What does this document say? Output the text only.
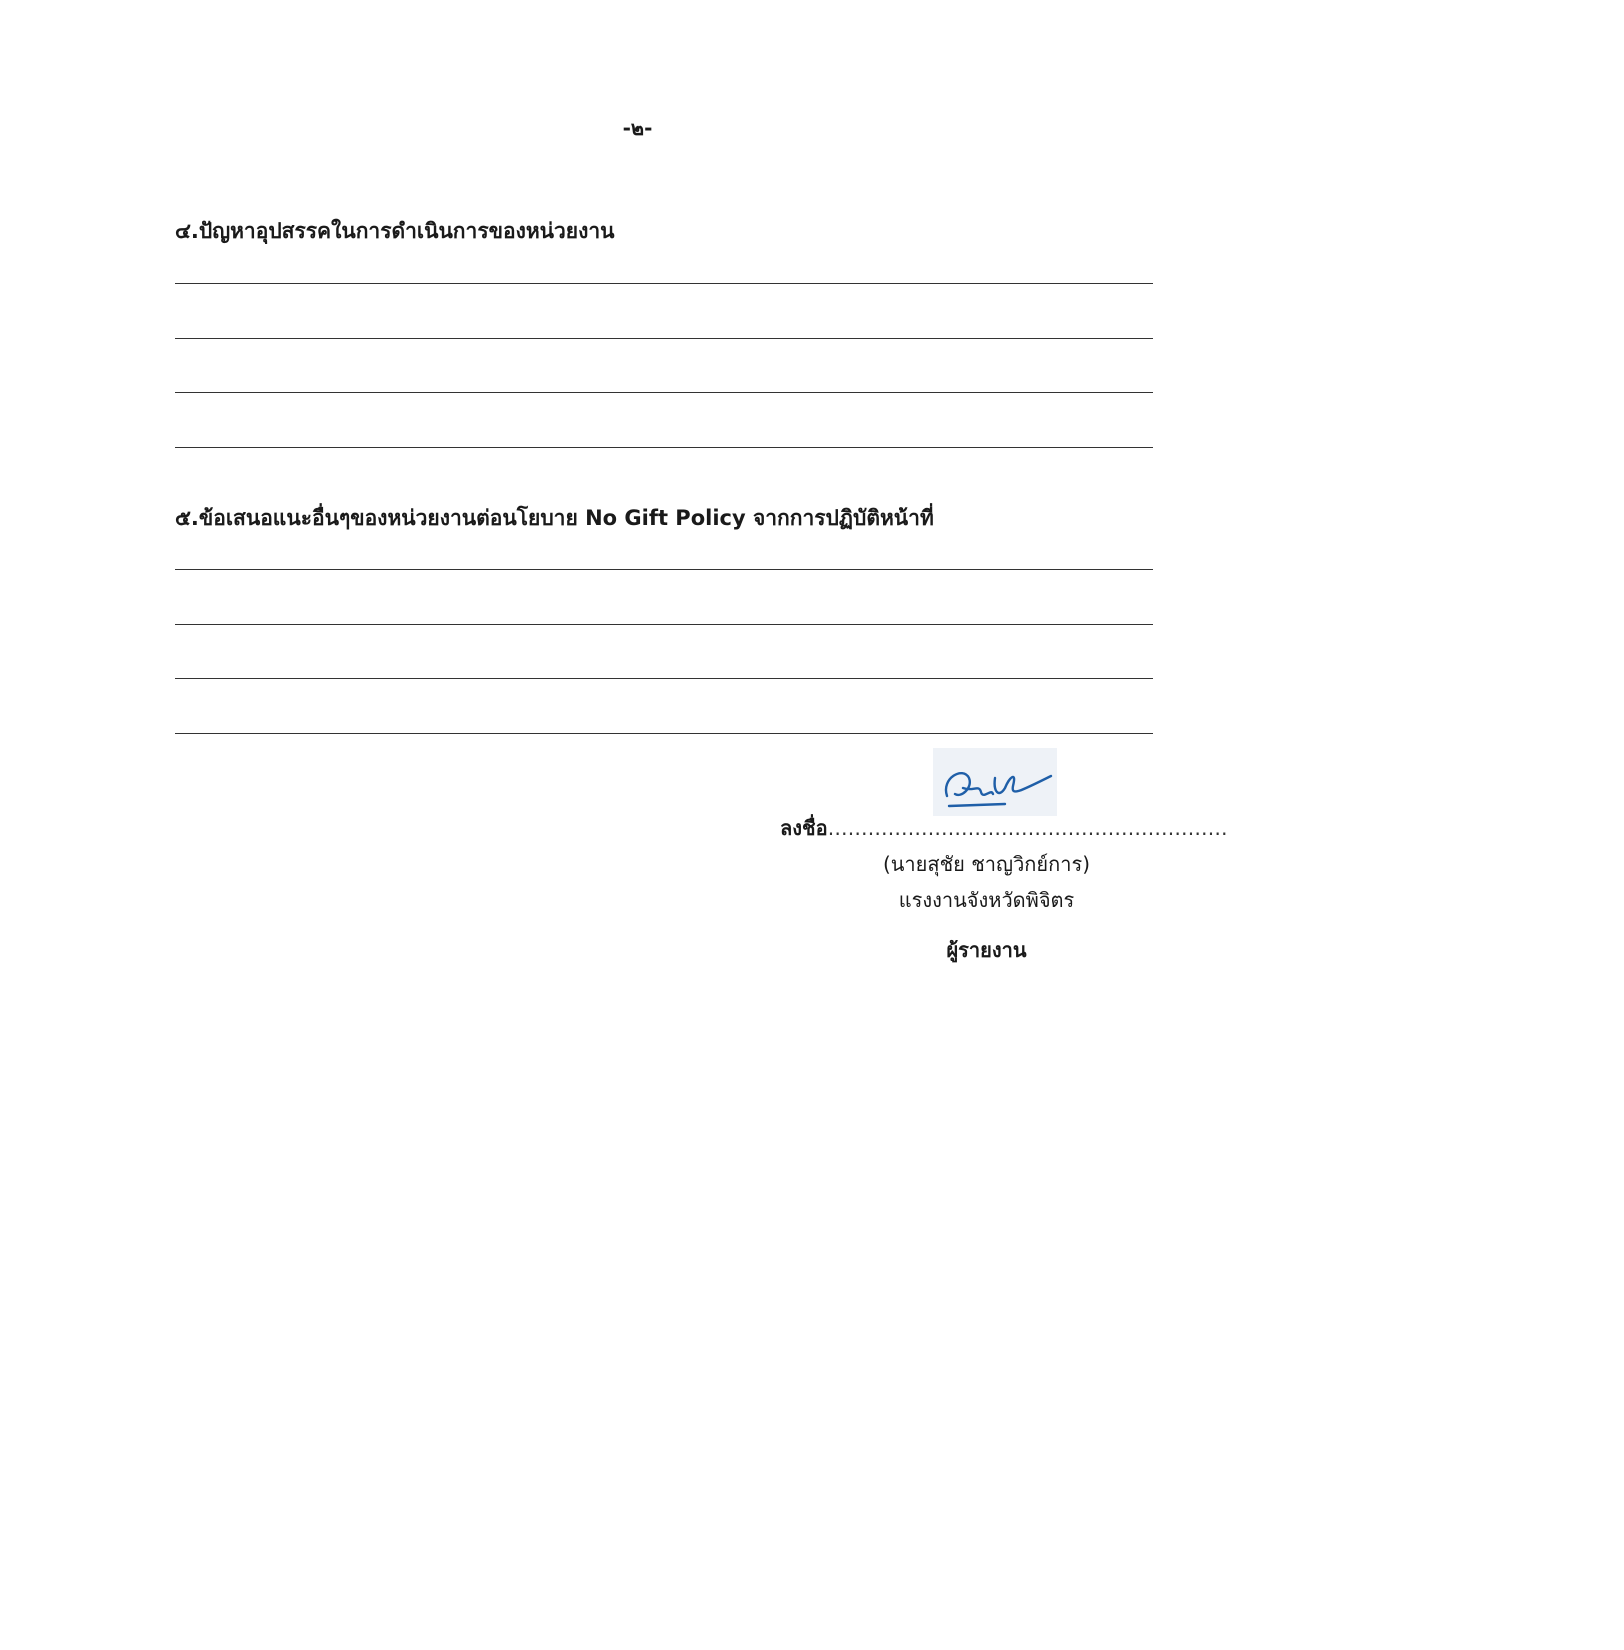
-๒-
๔.ปัญหาอุปสรรคในการดำเนินการของหน่วยงาน
๕.ข้อเสนอแนะอื่นๆของหน่วยงานต่อนโยบาย No Gift Policy จากการปฏิบัติหน้าที่
ลงชื่อ……………………………………………………
(นายสุชัย ชาญวิกย์การ)
แรงงานจังหวัดพิจิตร
ผู้รายงาน
